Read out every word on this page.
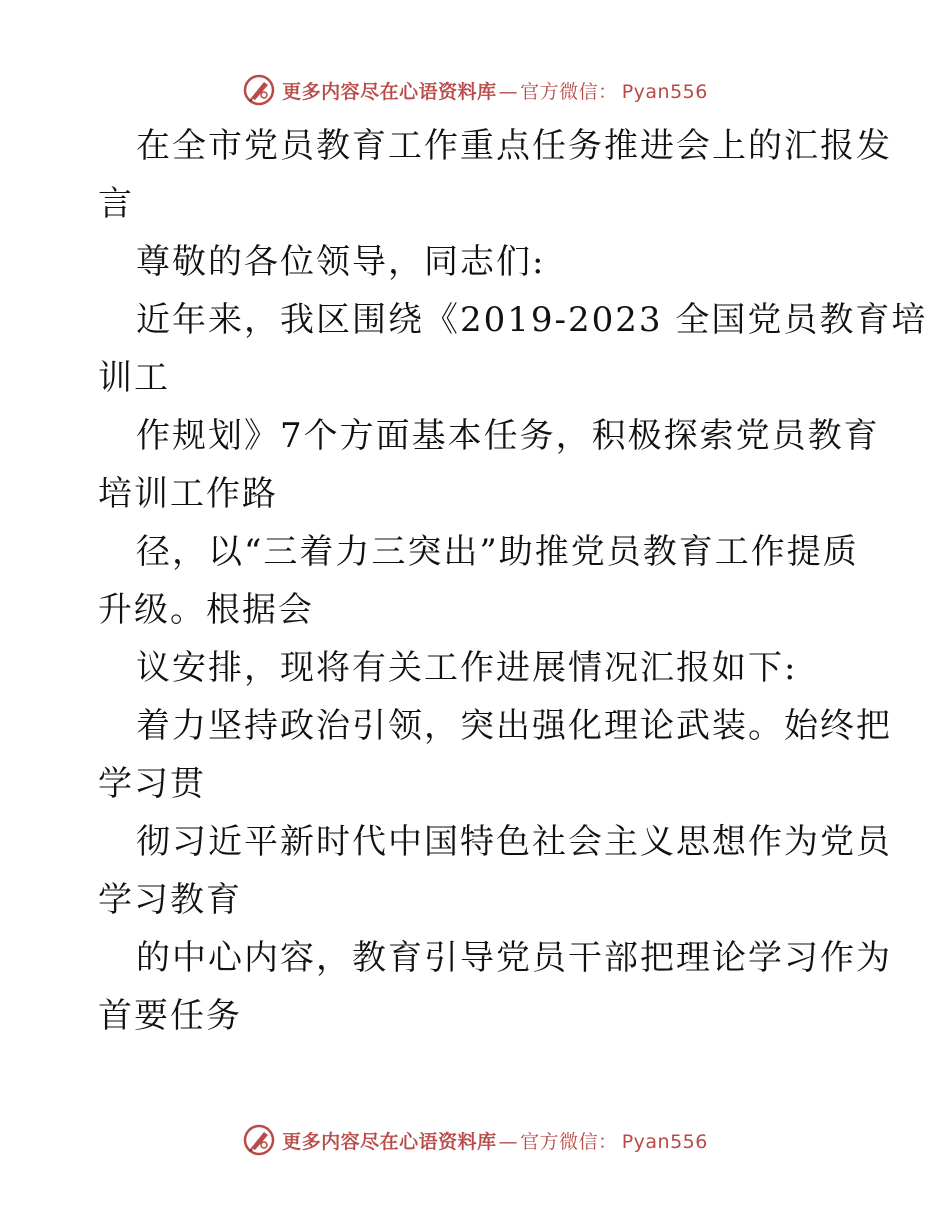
更多内容尽在心语资料库 — 官方微信： Pyan556
在全市党员教育工作重点任务推进会上的汇报发
言
尊敬的各位领导，同志们:
近年来，我区围绕《2019-2023 全国党员教育培
训工
作规划》7个方面基本任务，积极探索党员教育
培训工作路
径，以“三着力三突出”助推党员教育工作提质
升级。根据会
议安排，现将有关工作进展情况汇报如下:
着力坚持政治引领，突出强化理论武装。始终把
学习贯
彻习近平新时代中国特色社会主义思想作为党员
学习教育
的中心内容，教育引导党员干部把理论学习作为
首要任务
更多内容尽在心语资料库 — 官方微信： Pyan556
